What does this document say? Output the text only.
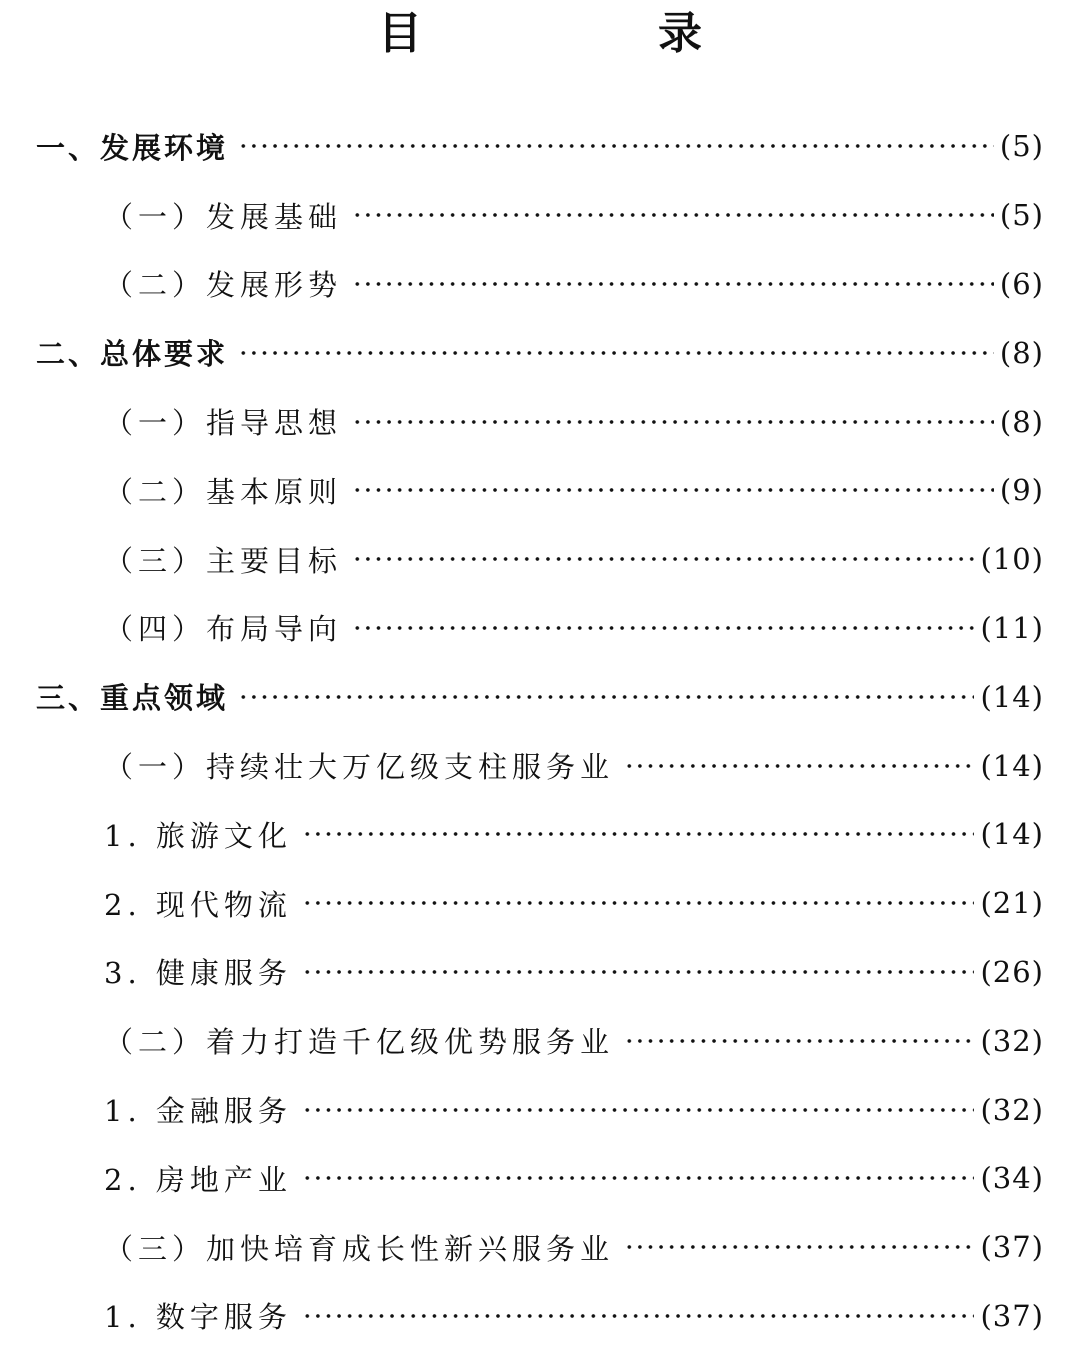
目　录
一、发展环境	(5)
（一）发展基础	(5)
（二）发展形势	(6)
二、总体要求	(8)
（一）指导思想	(8)
（二）基本原则	(9)
（三）主要目标	(10)
（四）布局导向	(11)
三、重点领域	(14)
（一）持续壮大万亿级支柱服务业	(14)
1. 旅游文化	(14)
2. 现代物流	(21)
3. 健康服务	(26)
（二）着力打造千亿级优势服务业	(32)
1. 金融服务	(32)
2. 房地产业	(34)
（三）加快培育成长性新兴服务业	(37)
1. 数字服务	(37)
